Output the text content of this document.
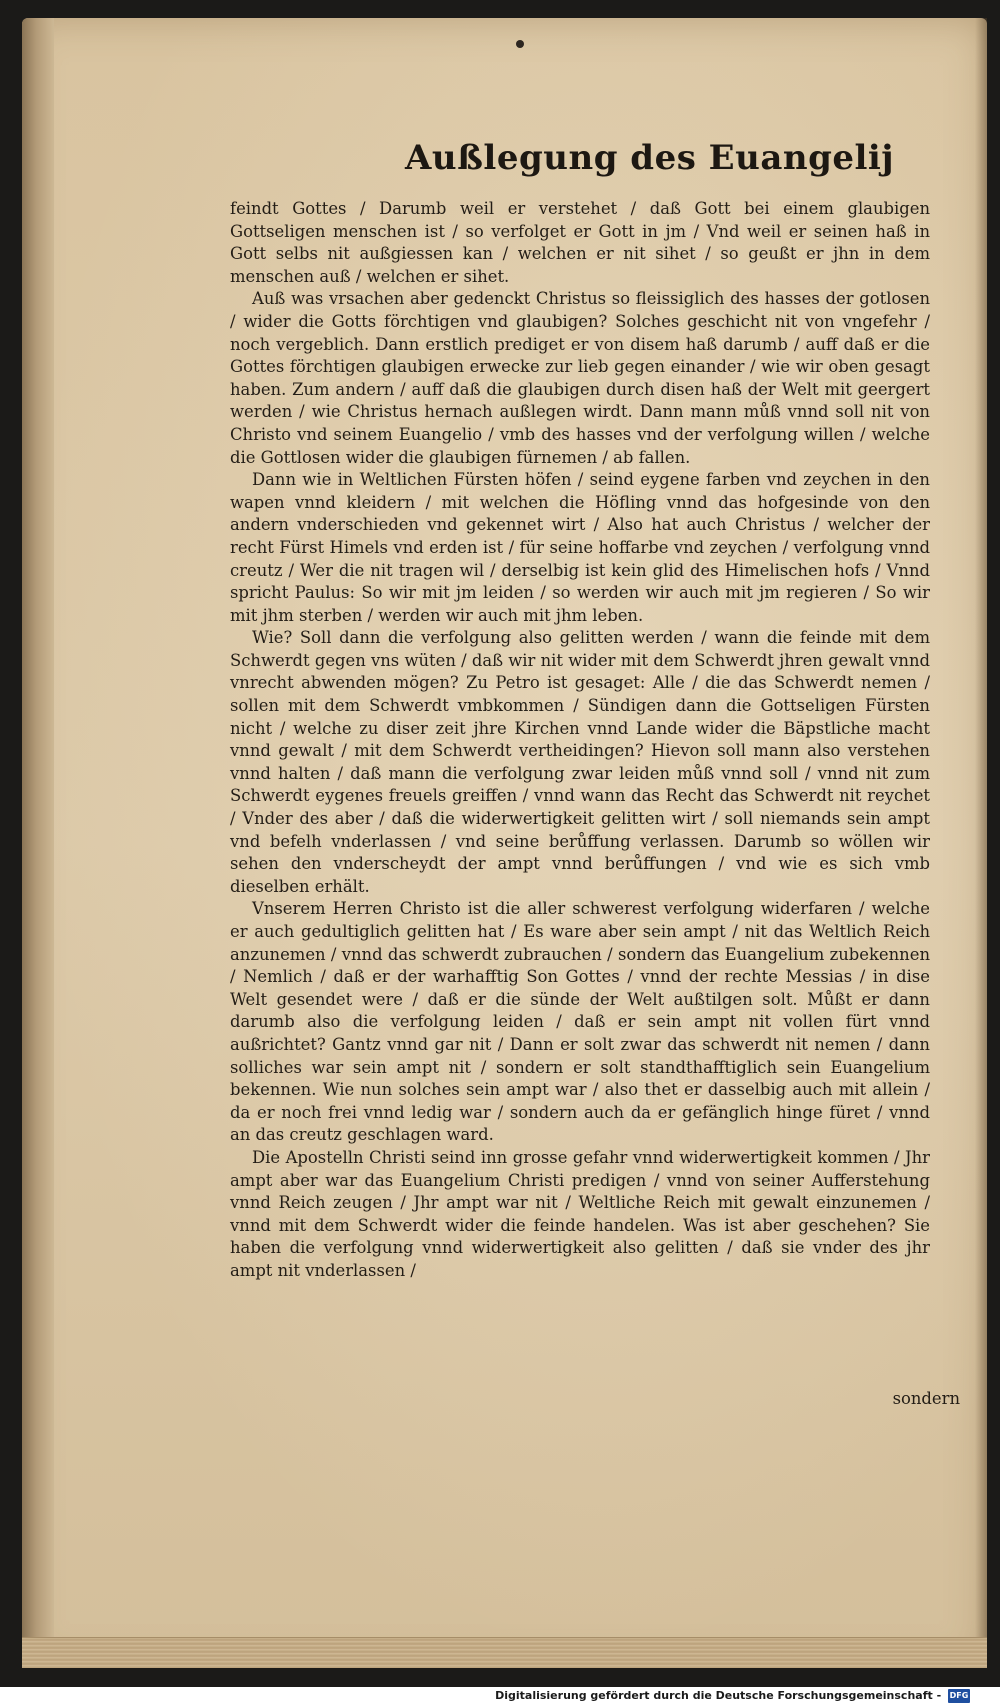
Außlegung des Euangelij

feindt Gottes / Darumb weil er verstehet / daß Gott bei einem glaubigen Gottseligen menschen ist / so verfolget er Gott in jm / Vnd weil er seinen haß in Gott selbs nit außgiessen kan / welchen er nit sihet / so geußt er jhn in dem menschen auß / welchen er sihet.

Auß was vrsachen aber gedenckt Christus so fleissiglich des hasses der gotlosen / wider die Gotts förchtigen vnd glaubigen? Solches geschicht nit von vngefehr / noch vergeblich. Dann erstlich prediget er von disem haß darumb / auff daß er die Gottes förchtigen glaubigen erwecke zur lieb gegen einander / wie wir oben gesagt haben. Zum andern / auff daß die glaubigen durch disen haß der Welt mit geergert werden / wie Christus hernach außlegen wirdt. Dann mann můß vnnd soll nit von Christo vnd seinem Euangelio / vmb des hasses vnd der verfolgung willen / welche die Gottlosen wider die glaubigen fürnemen / ab fallen.

Dann wie in Weltlichen Fürsten höfen / seind eygene farben vnd zeychen in den wapen vnnd kleidern / mit welchen die Höfling vnnd das hofgesinde von den andern vnderschieden vnd gekennet wirt / Also hat auch Christus / welcher der recht Fürst Himels vnd erden ist / für seine hoffarbe vnd zeychen / verfolgung vnnd creutz / Wer die nit tragen wil / derselbig ist kein glid des Himelischen hofs / Vnnd spricht Paulus: So wir mit jm leiden / so werden wir auch mit jm regieren / So wir mit jhm sterben / werden wir auch mit jhm leben.

Wie? Soll dann die verfolgung also gelitten werden / wann die feinde mit dem Schwerdt gegen vns wüten / daß wir nit wider mit dem Schwerdt jhren gewalt vnnd vnrecht abwenden mögen? Zu Petro ist gesaget: Alle / die das Schwerdt nemen / sollen mit dem Schwerdt vmbkommen / Sündigen dann die Gottseligen Fürsten nicht / welche zu diser zeit jhre Kirchen vnnd Lande wider die Bäpstliche macht vnnd gewalt / mit dem Schwerdt vertheidingen? Hievon soll mann also verstehen vnnd halten / daß mann die verfolgung zwar leiden můß vnnd soll / vnnd nit zum Schwerdt eygenes freuels greiffen / vnnd wann das Recht das Schwerdt nit reychet / Vnder des aber / daß die widerwertigkeit gelitten wirt / soll niemands sein ampt vnd befelh vnderlassen / vnd seine berůffung verlassen. Darumb so wöllen wir sehen den vnderscheydt der ampt vnnd berůffungen / vnd wie es sich vmb dieselben erhält.

Vnserem Herren Christo ist die aller schwerest verfolgung widerfaren / welche er auch gedultiglich gelitten hat / Es ware aber sein ampt / nit das Weltlich Reich anzunemen / vnnd das schwerdt zubrauchen / sondern das Euangelium zubekennen / Nemlich / daß er der warhafftig Son Gottes / vnnd der rechte Messias / in dise Welt gesendet were / daß er die sünde der Welt außtilgen solt. Můßt er dann darumb also die verfolgung leiden / daß er sein ampt nit vollen fürt vnnd außrichtet? Gantz vnnd gar nit / Dann er solt zwar das schwerdt nit nemen / dann solliches war sein ampt nit / sondern er solt standthafftiglich sein Euangelium bekennen. Wie nun solches sein ampt war / also thet er dasselbig auch mit allein / da er noch frei vnnd ledig war / sondern auch da er gefänglich hinge füret / vnnd an das creutz geschlagen ward.

Die Apostelln Christi seind inn grosse gefahr vnnd widerwertigkeit kommen / Jhr ampt aber war das Euangelium Christi predigen / vnnd von seiner Aufferstehung vnnd Reich zeugen / Jhr ampt war nit / Weltliche Reich mit gewalt einzunemen / vnnd mit dem Schwerdt wider die feinde handelen. Was ist aber geschehen? Sie haben die verfolgung vnnd widerwertigkeit also gelitten / daß sie vnder des jhr ampt nit vnderlassen /

sondern
Digitalisierung gefördert durch die Deutsche Forschungsgemeinschaft - DFG
